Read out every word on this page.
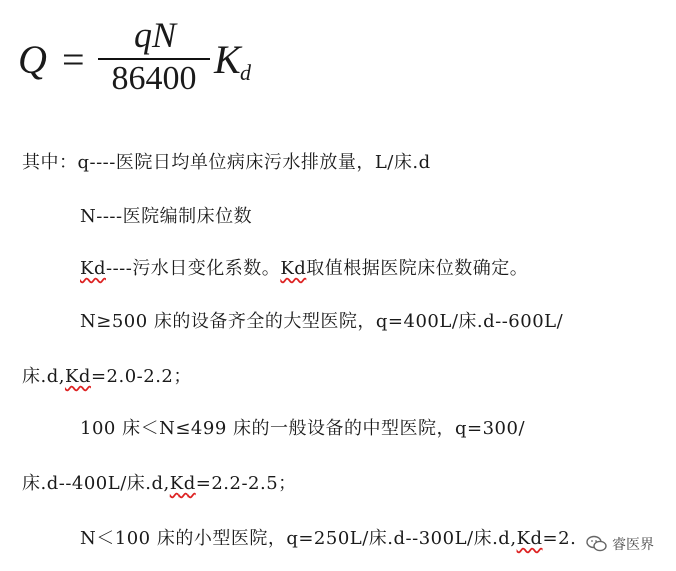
Q =
qN
86400 K d
其中：q----医院日均单位病床污水排放量，L/床.d
N----医院编制床位数
Kd----污水日变化系数。Kd取值根据医院床位数确定。
N≥500 床的设备齐全的大型医院，q=400L/床.d--600L/
床.d,Kd=2.0-2.2；
100 床＜N≤499 床的一般设备的中型医院，q=300/
床.d--400L/床.d,Kd=2.2-2.5；
N＜100 床的小型医院，q=250L/床.d--300L/床.d,Kd=2.	睿医界
